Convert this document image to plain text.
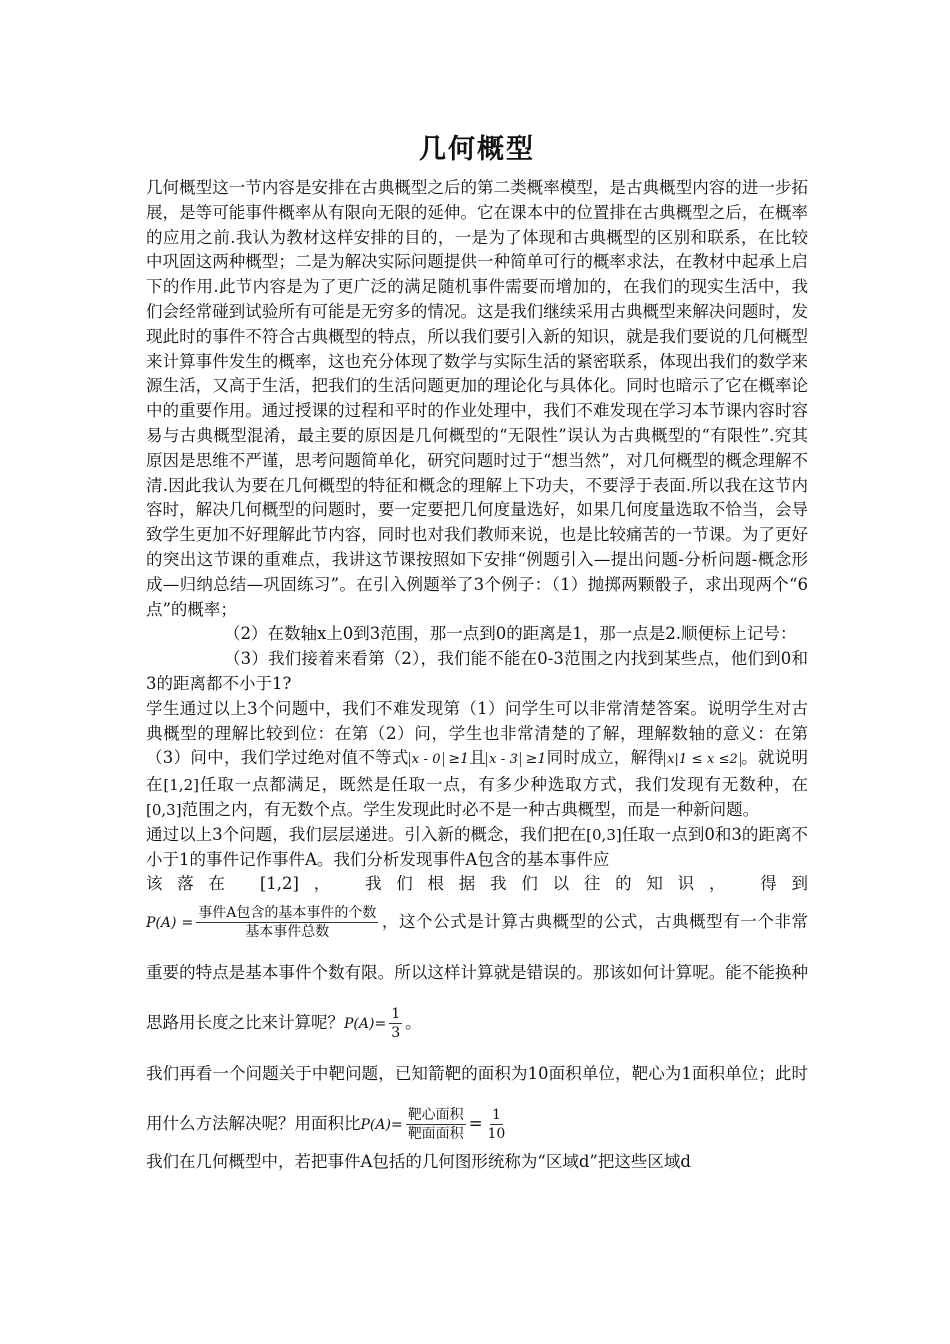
几何概型

几何概型这一节内容是安排在古典概型之后的第二类概率模型，是古典概型内容的进一步拓展，是等可能事件概率从有限向无限的延伸。它在课本中的位置排在古典概型之后，在概率的应用之前.我认为教材这样安排的目的，一是为了体现和古典概型的区别和联系，在比较中巩固这两种概型；二是为解决实际问题提供一种简单可行的概率求法，在教材中起承上启下的作用.此节内容是为了更广泛的满足随机事件需要而增加的，在我们的现实生活中，我们会经常碰到试验所有可能是无穷多的情况。这是我们继续采用古典概型来解决问题时，发现此时的事件不符合古典概型的特点，所以我们要引入新的知识，就是我们要说的几何概型来计算事件发生的概率，这也充分体现了数学与实际生活的紧密联系，体现出我们的数学来源生活，又高于生活，把我们的生活问题更加的理论化与具体化。同时也暗示了它在概率论中的重要作用。通过授课的过程和平时的作业处理中，我们不难发现在学习本节课内容时容易与古典概型混淆，最主要的原因是几何概型的“无限性”误认为古典概型的“有限性”.究其原因是思维不严谨，思考问题简单化，研究问题时过于“想当然”，对几何概型的概念理解不清.因此我认为要在几何概型的特征和概念的理解上下功夫，不要浮于表面.所以我在这节内容时，解决几何概型的问题时，要一定要把几何度量选好，如果几何度量选取不恰当，会导致学生更加不好理解此节内容，同时也对我们教师来说，也是比较痛苦的一节课。为了更好的突出这节课的重难点，我讲这节课按照如下安排“例题引入—提出问题-分析问题-概念形成—归纳总结—巩固练习”。在引入例题举了3个例子：（1）抛掷两颗骰子，求出现两个“6点”的概率；

（2）在数轴x上0到3范围，那一点到0的距离是1，那一点是2.顺便标上记号：

（3）我们接着来看第（2），我们能不能在0-3范围之内找到某些点，他们到0和3的距离都不小于1?

学生通过以上3个问题中，我们不难发现第（1）问学生可以非常清楚答案。说明学生对古典概型的理解比较到位：在第（2）问，学生也非常清楚的了解，理解数轴的意义：在第（3）问中，我们学过绝对值不等式 x - 0 ≥1且 x - 3 ≥1同时成立，解得 x|1 ≤ x ≤2 。就说明在[1,2]任取一点都满足，既然是任取一点，有多少种选取方式，我们发现有无数种，在[0,3]范围之内，有无数个点。学生发现此时必不是一种古典概型，而是一种新问题。

通过以上3个问题，我们层层递进。引入新的概念，我们把在[0,3]任取一点到0和3的距离不小于1的事件记作事件A。我们分析发现事件A包含的基本事件应

该落在 [1,2]， 我们根据我们以往的知识， 得到

$P(A) = \frac{\text{事件A包含的基本事件的个数}}{\text{基本事件总数}}$ ，这个公式是计算古典概型的公式，古典概型有一个非常重要的特点是基本事件个数有限。所以这样计算就是错误的。那该如何计算呢。能不能换种思路用长度之比来计算呢？$P(A)= \frac{1}{3}$ 。

我们再看一个问题关于中靶问题，已知箭靶的面积为10面积单位，靶心为1面积单位；此时用什么方法解决呢？用面积比$P(A)= \frac{\text{靶心面积}}{\text{靶面面积}} = \frac{1}{10}$

我们在几何概型中，若把事件A包括的几何图形统称为“区域d”把这些区域d
